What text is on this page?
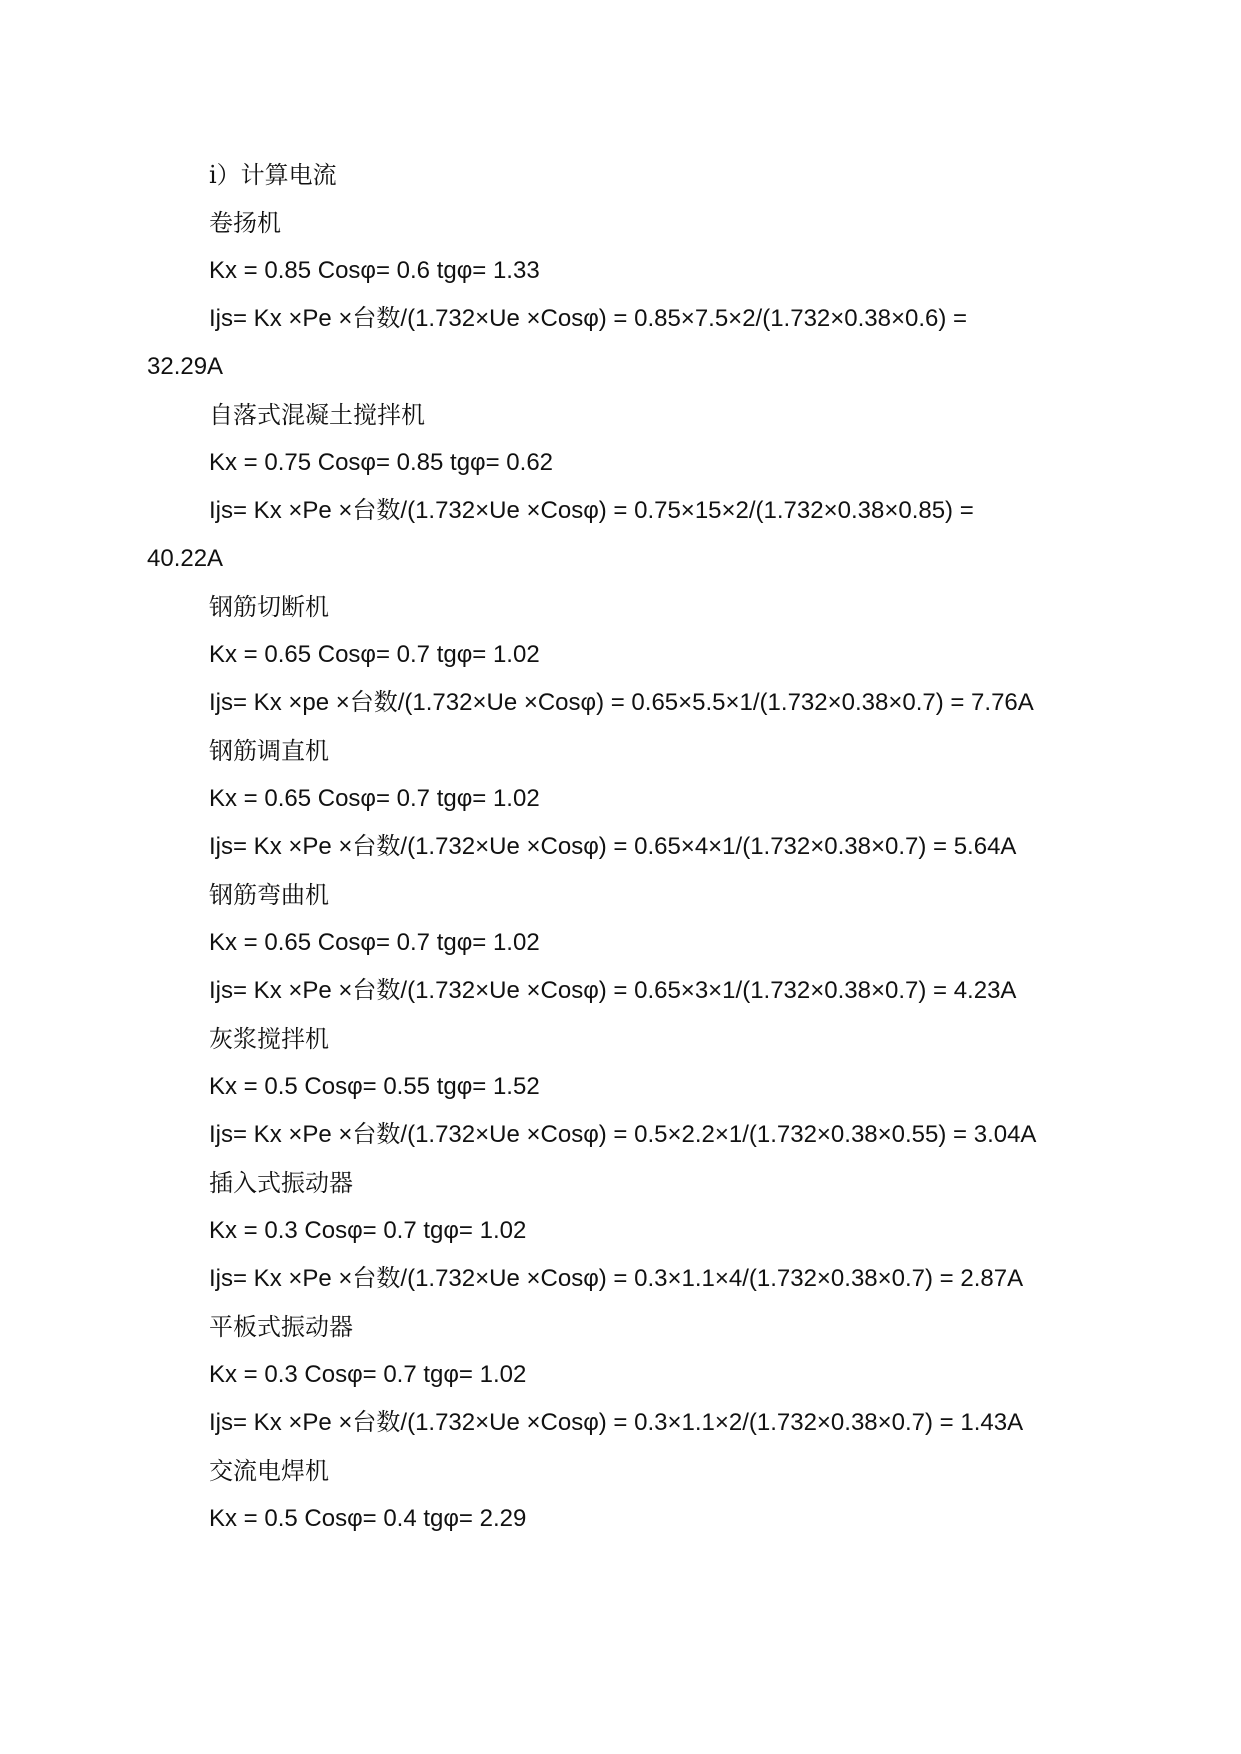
i）计算电流
卷扬机
Kx = 0.85 Cosφ= 0.6 tgφ= 1.33
Ijs= Kx ×Pe ×台数/(1.732×Ue ×Cosφ) = 0.85×7.5×2/(1.732×0.38×0.6) =
32.29A
自落式混凝土搅拌机
Kx = 0.75 Cosφ= 0.85 tgφ= 0.62
Ijs= Kx ×Pe ×台数/(1.732×Ue ×Cosφ) = 0.75×15×2/(1.732×0.38×0.85) =
40.22A
钢筋切断机
Kx = 0.65 Cosφ= 0.7 tgφ= 1.02
Ijs= Kx ×pe ×台数/(1.732×Ue ×Cosφ) = 0.65×5.5×1/(1.732×0.38×0.7) = 7.76A
钢筋调直机
Kx = 0.65 Cosφ= 0.7 tgφ= 1.02
Ijs= Kx ×Pe ×台数/(1.732×Ue ×Cosφ) = 0.65×4×1/(1.732×0.38×0.7) = 5.64A
钢筋弯曲机
Kx = 0.65 Cosφ= 0.7 tgφ= 1.02
Ijs= Kx ×Pe ×台数/(1.732×Ue ×Cosφ) = 0.65×3×1/(1.732×0.38×0.7) = 4.23A
灰浆搅拌机
Kx = 0.5 Cosφ= 0.55 tgφ= 1.52
Ijs= Kx ×Pe ×台数/(1.732×Ue ×Cosφ) = 0.5×2.2×1/(1.732×0.38×0.55) = 3.04A
插入式振动器
Kx = 0.3 Cosφ= 0.7 tgφ= 1.02
Ijs= Kx ×Pe ×台数/(1.732×Ue ×Cosφ) = 0.3×1.1×4/(1.732×0.38×0.7) = 2.87A
平板式振动器
Kx = 0.3 Cosφ= 0.7 tgφ= 1.02
Ijs= Kx ×Pe ×台数/(1.732×Ue ×Cosφ) = 0.3×1.1×2/(1.732×0.38×0.7) = 1.43A
交流电焊机
Kx = 0.5 Cosφ= 0.4 tgφ= 2.29
